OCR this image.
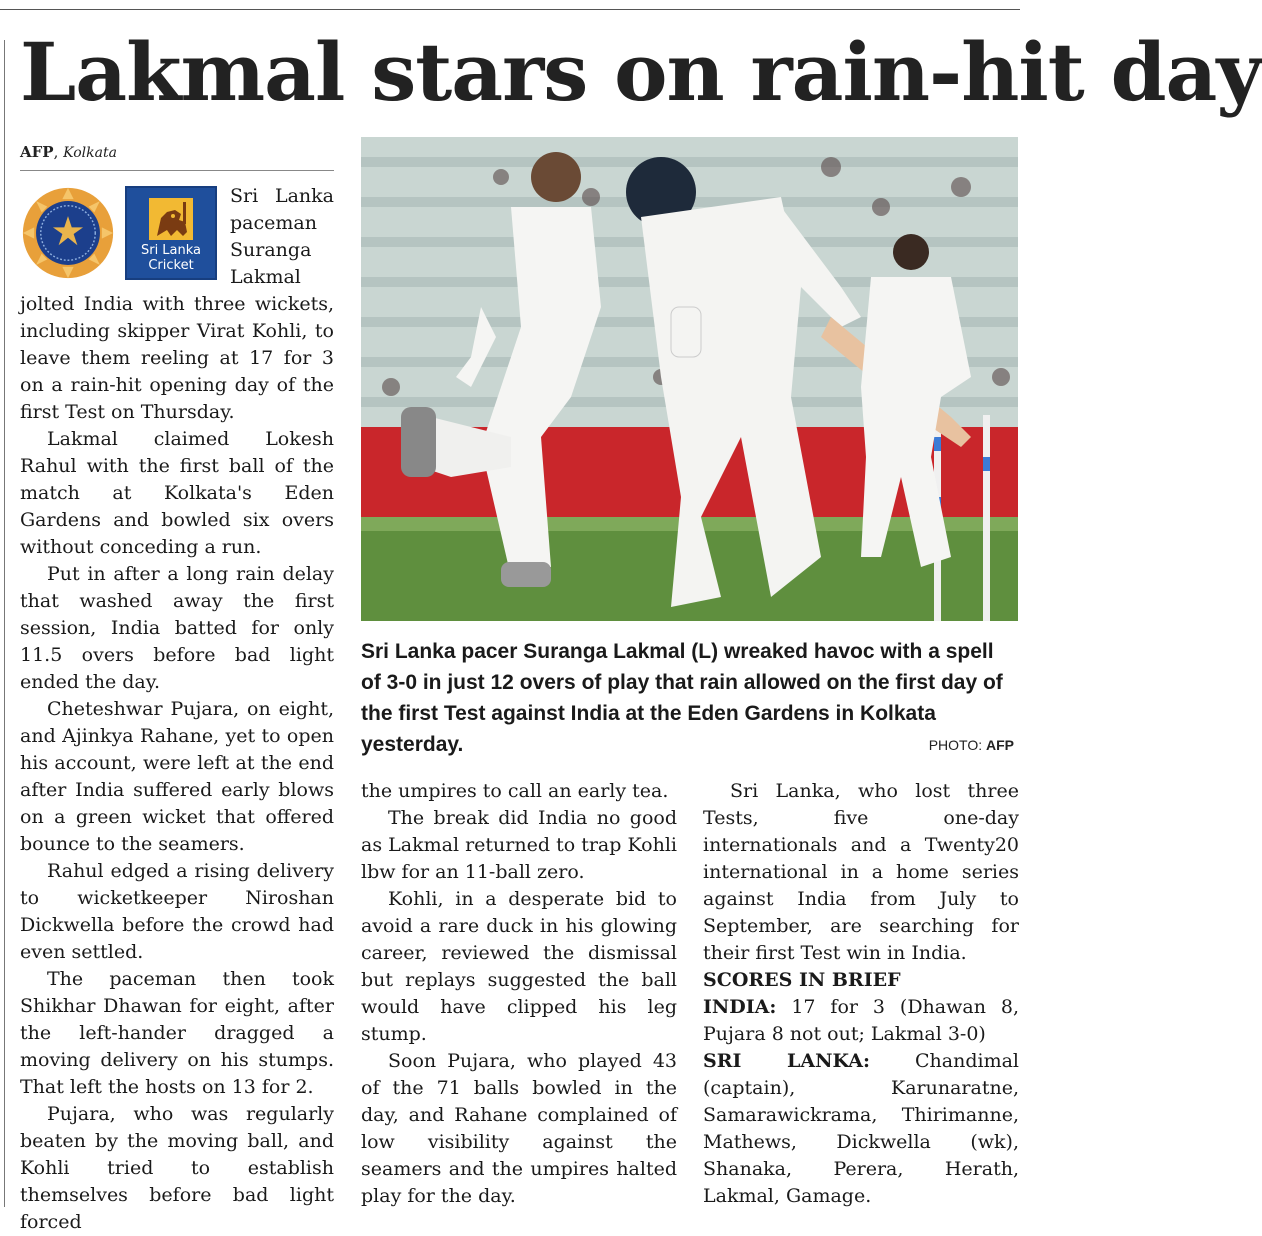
Lakmal stars on rain-hit day
AFP, Kolkata
Sri Lanka
Cricket

Sri Lanka paceman Suranga Lakmal jolted India with three wickets, including skipper Virat Kohli, to leave them reeling at 17 for 3 on a rain-hit opening day of the first Test on Thursday.

Lakmal claimed Lokesh Rahul with the first ball of the match at Kolkata's Eden Gardens and bowled six overs without conceding a run.

Put in after a long rain delay that washed away the first session, India batted for only 11.5 overs before bad light ended the day.

Cheteshwar Pujara, on eight, and Ajinkya Rahane, yet to open his account, were left at the end after India suffered early blows on a green wicket that offered bounce to the seamers.

Rahul edged a rising delivery to wicketkeeper Niroshan Dickwella before the crowd had even settled.

The paceman then took Shikhar Dhawan for eight, after the left-hander dragged a moving delivery on his stumps. That left the hosts on 13 for 2.

Pujara, who was regularly beaten by the moving ball, and Kohli tried to establish themselves before bad light forced

Sri Lanka pacer Suranga Lakmal (L) wreaked havoc with a spell of 3-0 in just 12 overs of play that rain allowed on the first day of the first Test against India at the Eden Gardens in Kolkata yesterday.	PHOTO: AFP

the umpires to call an early tea.

The break did India no good as Lakmal returned to trap Kohli lbw for an 11-ball zero.

Kohli, in a desperate bid to avoid a rare duck in his glowing career, reviewed the dismissal but replays suggested the ball would have clipped his leg stump.

Soon Pujara, who played 43 of the 71 balls bowled in the day, and Rahane complained of low visibility against the seamers and the umpires halted play for the day.

Sri Lanka, who lost three Tests, five one-day internationals and a Twenty20 international in a home series against India from July to September, are searching for their first Test win in India.

SCORES IN BRIEF

INDIA: 17 for 3 (Dhawan 8, Pujara 8 not out; Lakmal 3-0)

SRI LANKA: Chandimal (captain), Karunaratne, Samarawickrama, Thirimanne, Mathews, Dickwella (wk), Shanaka, Perera, Herath, Lakmal, Gamage.
